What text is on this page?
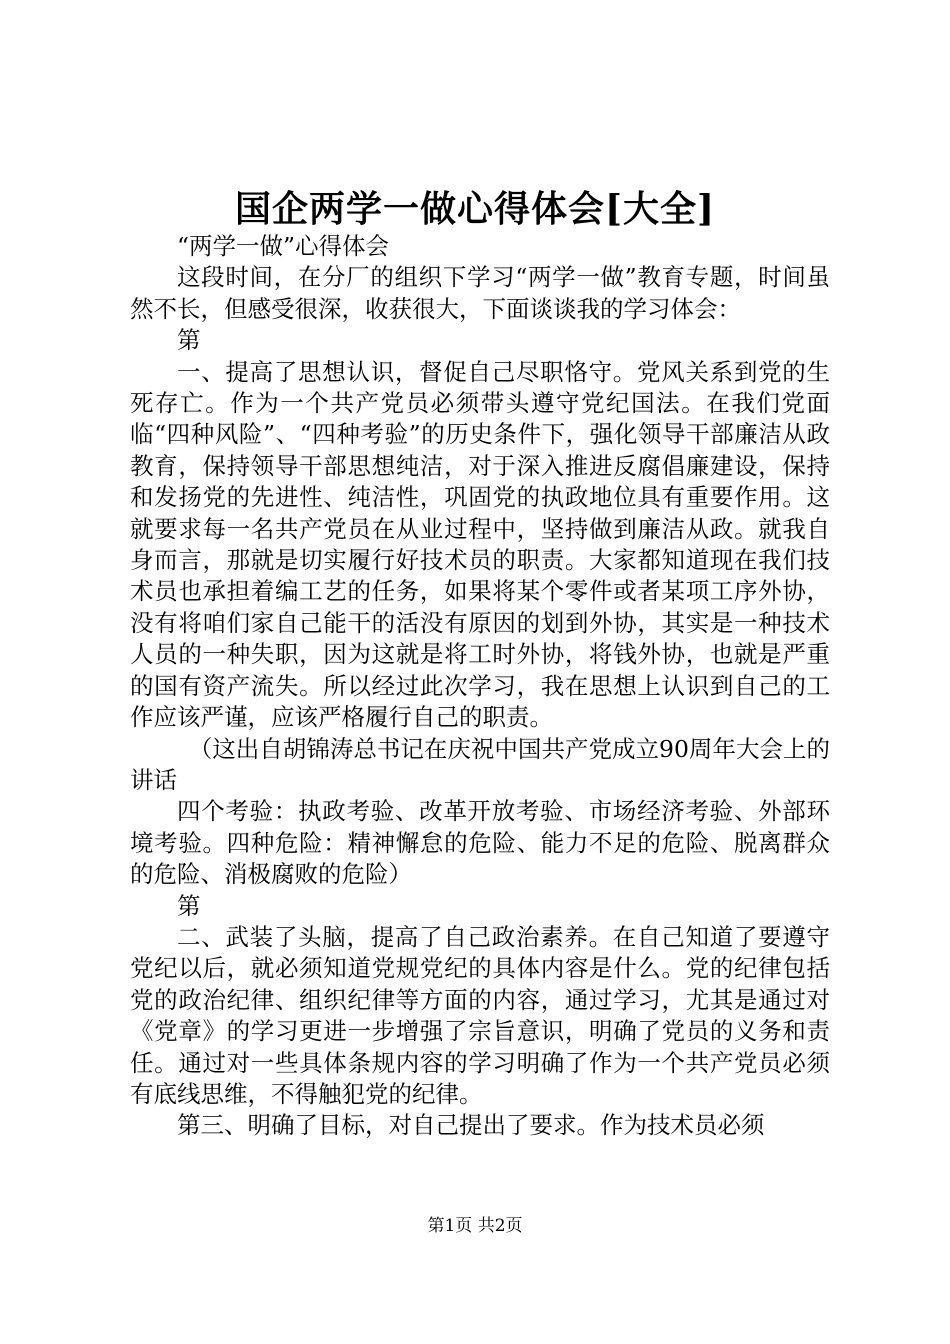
国企两学一做心得体会[大全]

“两学一做”心得体会

这段时间，在分厂的组织下学习“两学一做”教育专题，时间虽然不长，但感受很深，收获很大，下面谈谈我的学习体会：

第

一、提高了思想认识，督促自己尽职恪守。党风关系到党的生死存亡。作为一个共产党员必须带头遵守党纪国法。在我们党面临“四种风险”、“四种考验”的历史条件下，强化领导干部廉洁从政教育，保持领导干部思想纯洁，对于深入推进反腐倡廉建设，保持和发扬党的先进性、纯洁性，巩固党的执政地位具有重要作用。这就要求每一名共产党员在从业过程中，坚持做到廉洁从政。就我自身而言，那就是切实履行好技术员的职责。大家都知道现在我们技术员也承担着编工艺的任务，如果将某个零件或者某项工序外协，没有将咱们家自己能干的活没有原因的划到外协，其实是一种技术人员的一种失职，因为这就是将工时外协，将钱外协，也就是严重的国有资产流失。所以经过此次学习，我在思想上认识到自己的工作应该严谨，应该严格履行自己的职责。

（这出自胡锦涛总书记在庆祝中国共产党成立90周年大会上的讲话

四个考验：执政考验、改革开放考验、市场经济考验、外部环境考验。四种危险：精神懈怠的危险、能力不足的危险、脱离群众的危险、消极腐败的危险）

第

二、武装了头脑，提高了自己政治素养。在自己知道了要遵守党纪以后，就必须知道党规党纪的具体内容是什么。党的纪律包括党的政治纪律、组织纪律等方面的内容，通过学习，尤其是通过对《党章》的学习更进一步增强了宗旨意识，明确了党员的义务和责任。通过对一些具体条规内容的学习明确了作为一个共产党员必须有底线思维，不得触犯党的纪律。

第三、明确了目标，对自己提出了要求。作为技术员必须

第1页 共2页
